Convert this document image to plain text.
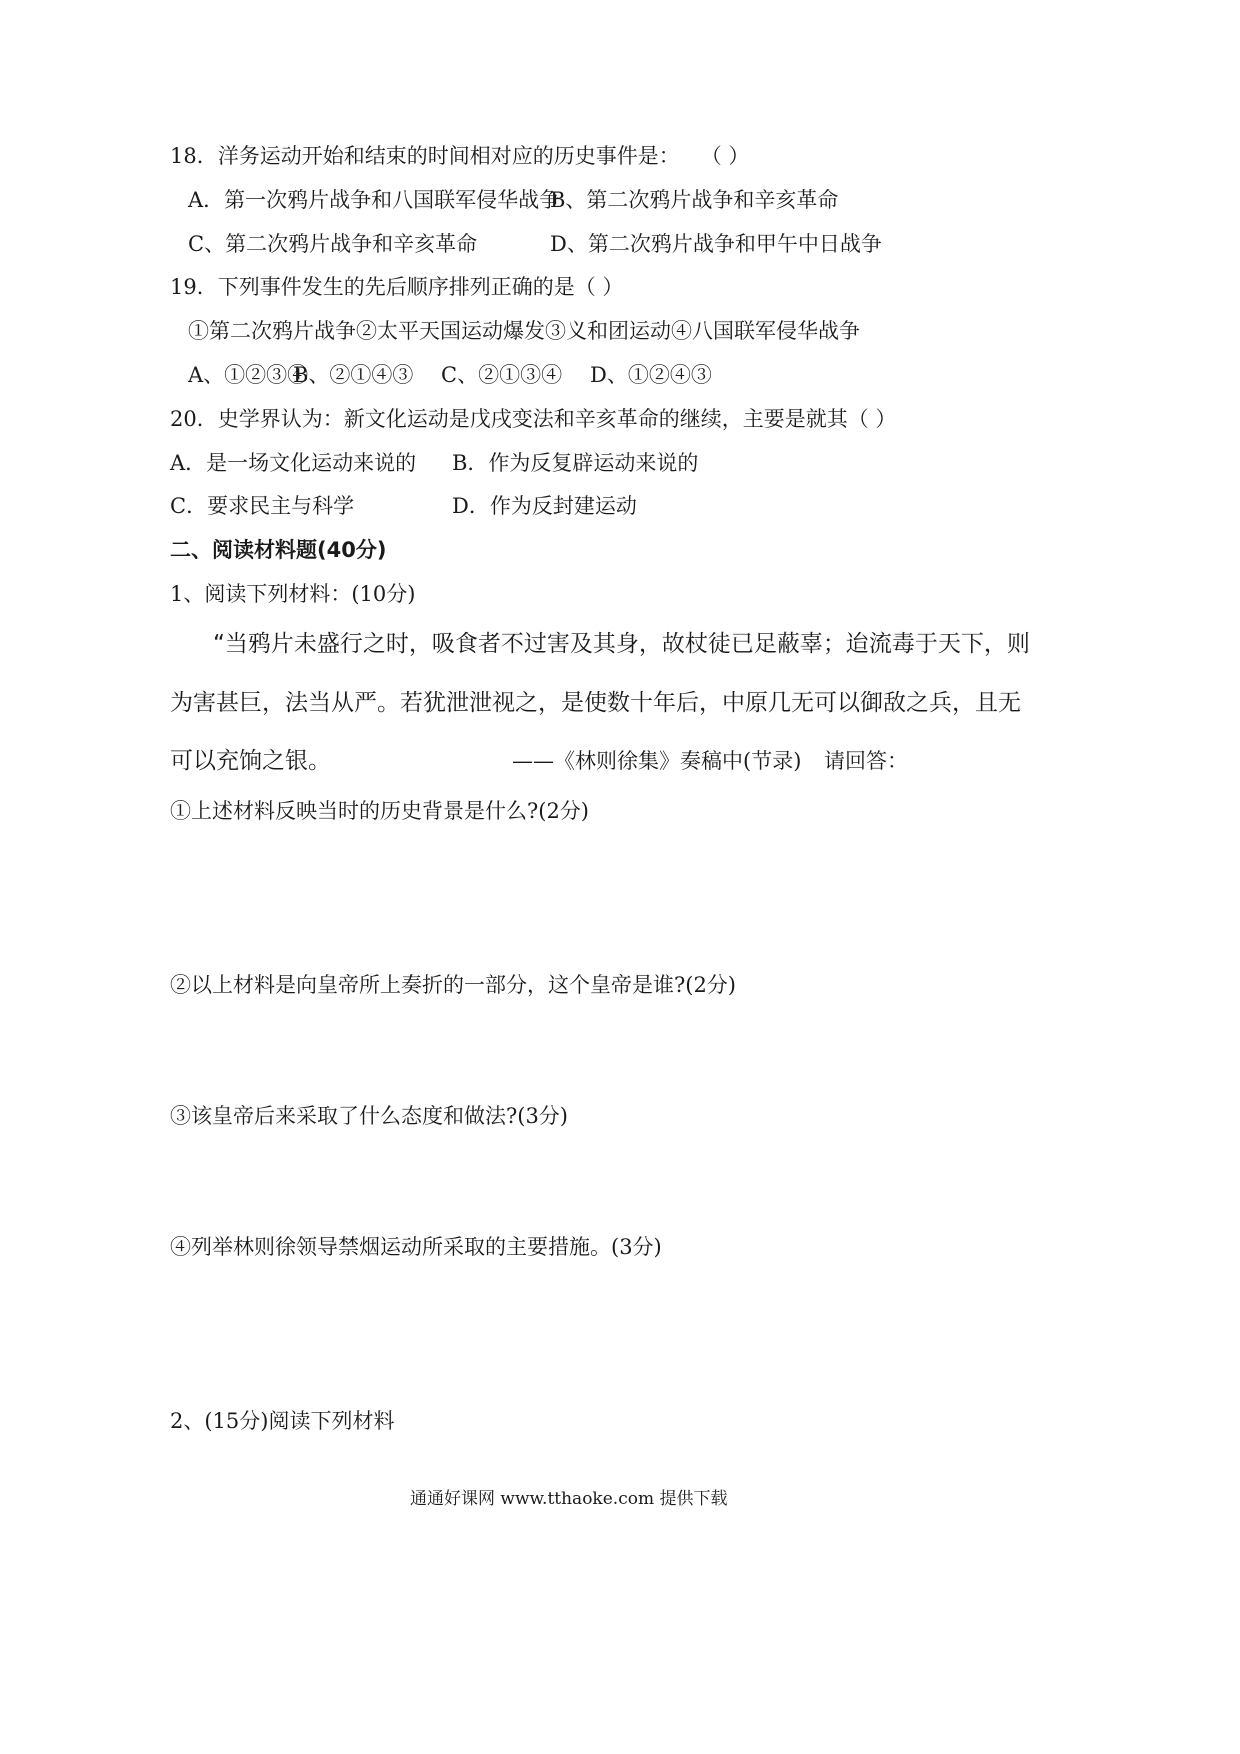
18．洋务运动开始和结束的时间相对应的历史事件是：　　（ ）
A．第一次鸦片战争和八国联军侵华战争
B、第二次鸦片战争和辛亥革命
C、第二次鸦片战争和辛亥革命	D、第二次鸦片战争和甲午中日战争
19．下列事件发生的先后顺序排列正确的是（ ）
①第二次鸦片战争②太平天国运动爆发③义和团运动④八国联军侵华战争
A、①②③④
B、②①④③ C、②①③④ D、①②④③
20．史学界认为：新文化运动是戊戌变法和辛亥革命的继续，主要是就其（ ）
A．是一场文化运动来说的 B．作为反复辟运动来说的
C．要求民主与科学	D．作为反封建运动
二、阅读材料题(40分)
1、阅读下列材料：(10分)
“当鸦片未盛行之时，吸食者不过害及其身，故杖徒已足蔽辜；迨流毒于天下，则
为害甚巨，法当从严。若犹泄泄视之，是使数十年后，中原几无可以御敌之兵，且无
可以充饷之银。	——《林则徐集》奏稿中(节录) 请回答：
①上述材料反映当时的历史背景是什么?(2分)
②以上材料是向皇帝所上奏折的一部分，这个皇帝是谁?(2分)
③该皇帝后来采取了什么态度和做法?(3分)
④列举林则徐领导禁烟运动所采取的主要措施。(3分)
2、(15分)阅读下列材料
通通好课网 www.tthaoke.com 提供下载
